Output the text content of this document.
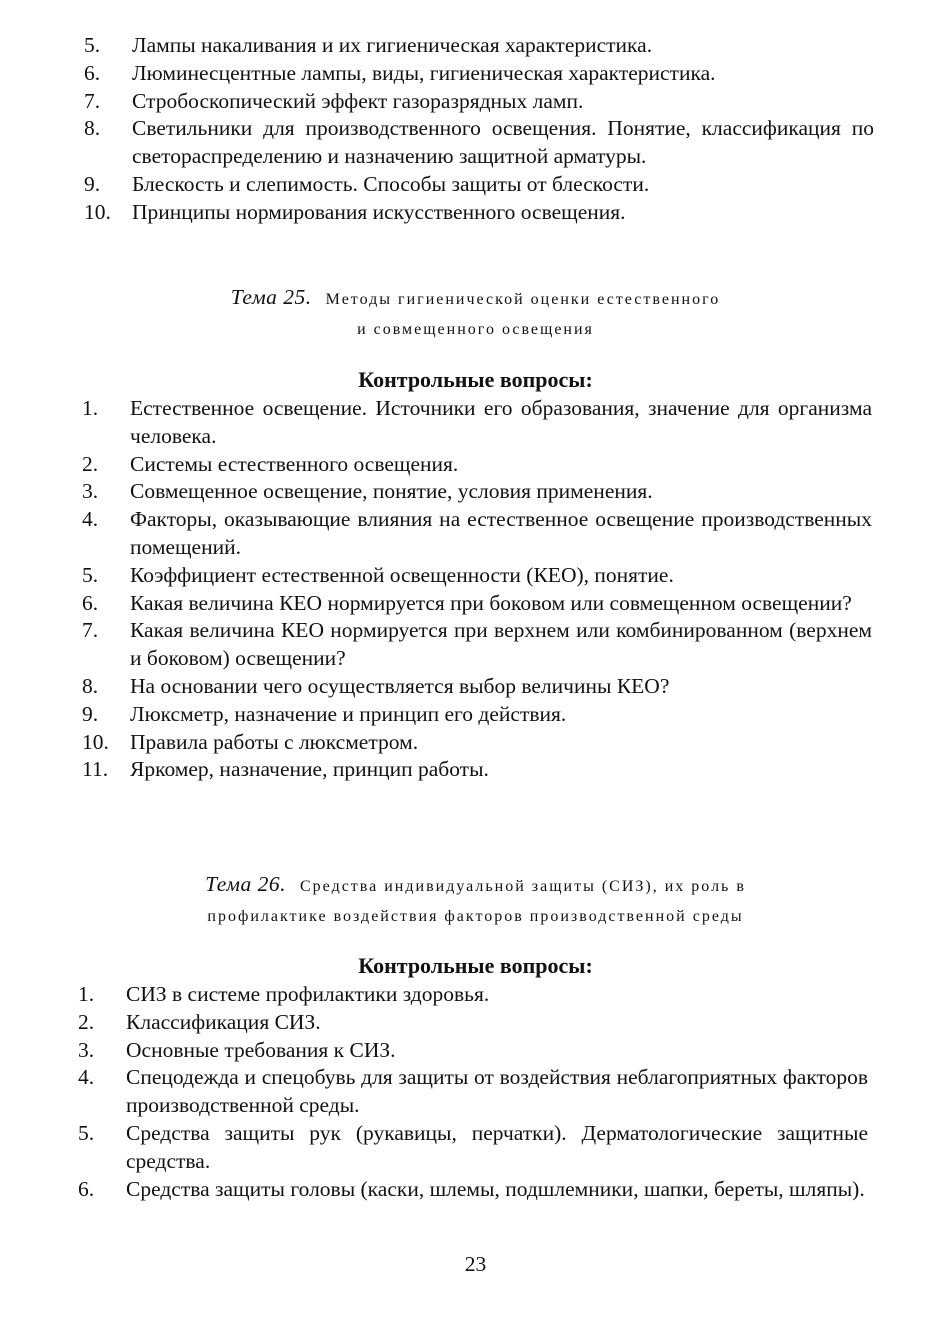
5. Лампы накаливания и их гигиеническая характеристика.
6. Люминесцентные лампы, виды, гигиеническая характеристика.
7. Стробоскопический эффект газоразрядных ламп.
8. Светильники для производственного освещения. Понятие, классификация по светораспределению и назначению защитной арматуры.
9. Блескость и слепимость. Способы защиты от блескости.
10. Принципы нормирования искусственного освещения.
Тема 25. Методы гигиенической оценки естественного
и совмещенного освещения
Контрольные вопросы:
1. Естественное освещение. Источники его образования, значение для организма человека.
2. Системы естественного освещения.
3. Совмещенное освещение, понятие, условия применения.
4. Факторы, оказывающие влияния на естественное освещение производственных помещений.
5. Коэффициент естественной освещенности (КЕО), понятие.
6. Какая величина КЕО нормируется при боковом или совмещенном освещении?
7. Какая величина КЕО нормируется при верхнем или комбинированном (верхнем и боковом) освещении?
8. На основании чего осуществляется выбор величины КЕО?
9. Люксметр, назначение и принцип его действия.
10. Правила работы с люксметром.
11. Яркомер, назначение, принцип работы.
Тема 26. Средства индивидуальной защиты (СИЗ), их роль в
профилактике воздействия факторов производственной среды
Контрольные вопросы:
1. СИЗ в системе профилактики здоровья.
2. Классификация СИЗ.
3. Основные требования к СИЗ.
4. Спецодежда и спецобувь для защиты от воздействия неблагоприятных факторов производственной среды.
5. Средства защиты рук (рукавицы, перчатки). Дерматологические защитные средства.
6. Средства защиты головы (каски, шлемы, подшлемники, шапки, береты, шляпы).
23
